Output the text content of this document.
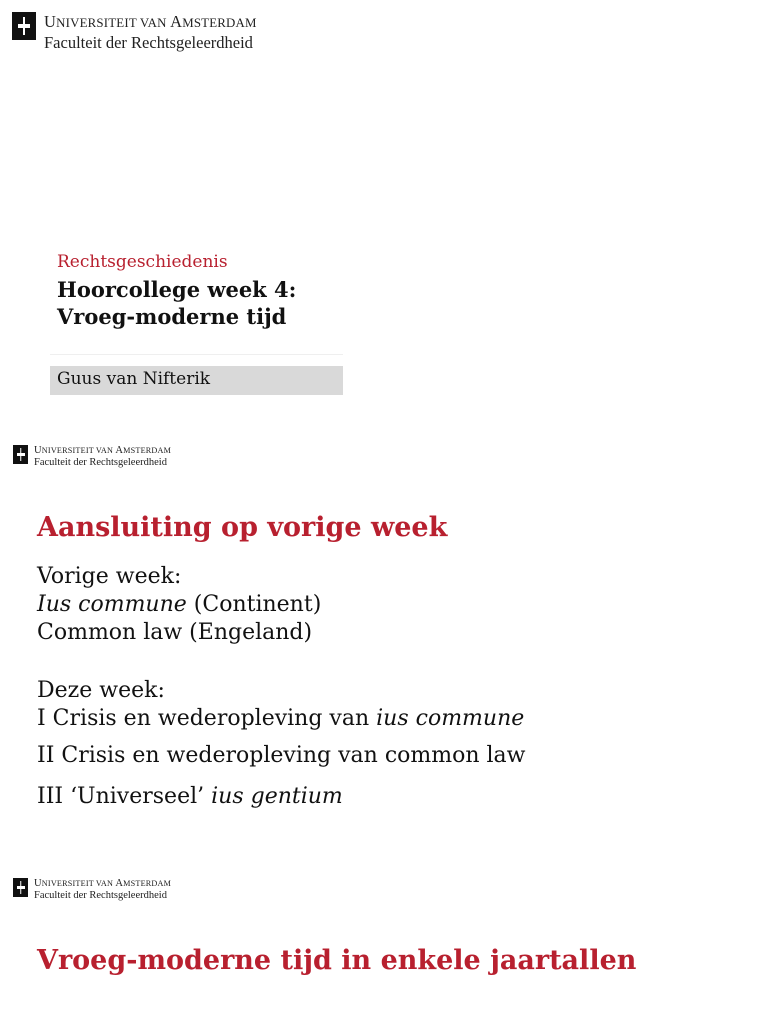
UNIVERSITEIT VAN AMSTERDAM
Faculteit der Rechtsgeleerdheid
Rechtsgeschiedenis
Hoorcollege week 4:
Vroeg-moderne tijd
Guus van Nifterik
UNIVERSITEIT VAN AMSTERDAM
Faculteit der Rechtsgeleerdheid
Aansluiting op vorige week
Vorige week:
Ius commune (Continent)
Common law (Engeland)
Deze week:
I Crisis en wederopleving van ius commune
II Crisis en wederopleving van common law
III ‘Universeel’ ius gentium
UNIVERSITEIT VAN AMSTERDAM
Faculteit der Rechtsgeleerdheid
Vroeg-moderne tijd in enkele jaartallen
